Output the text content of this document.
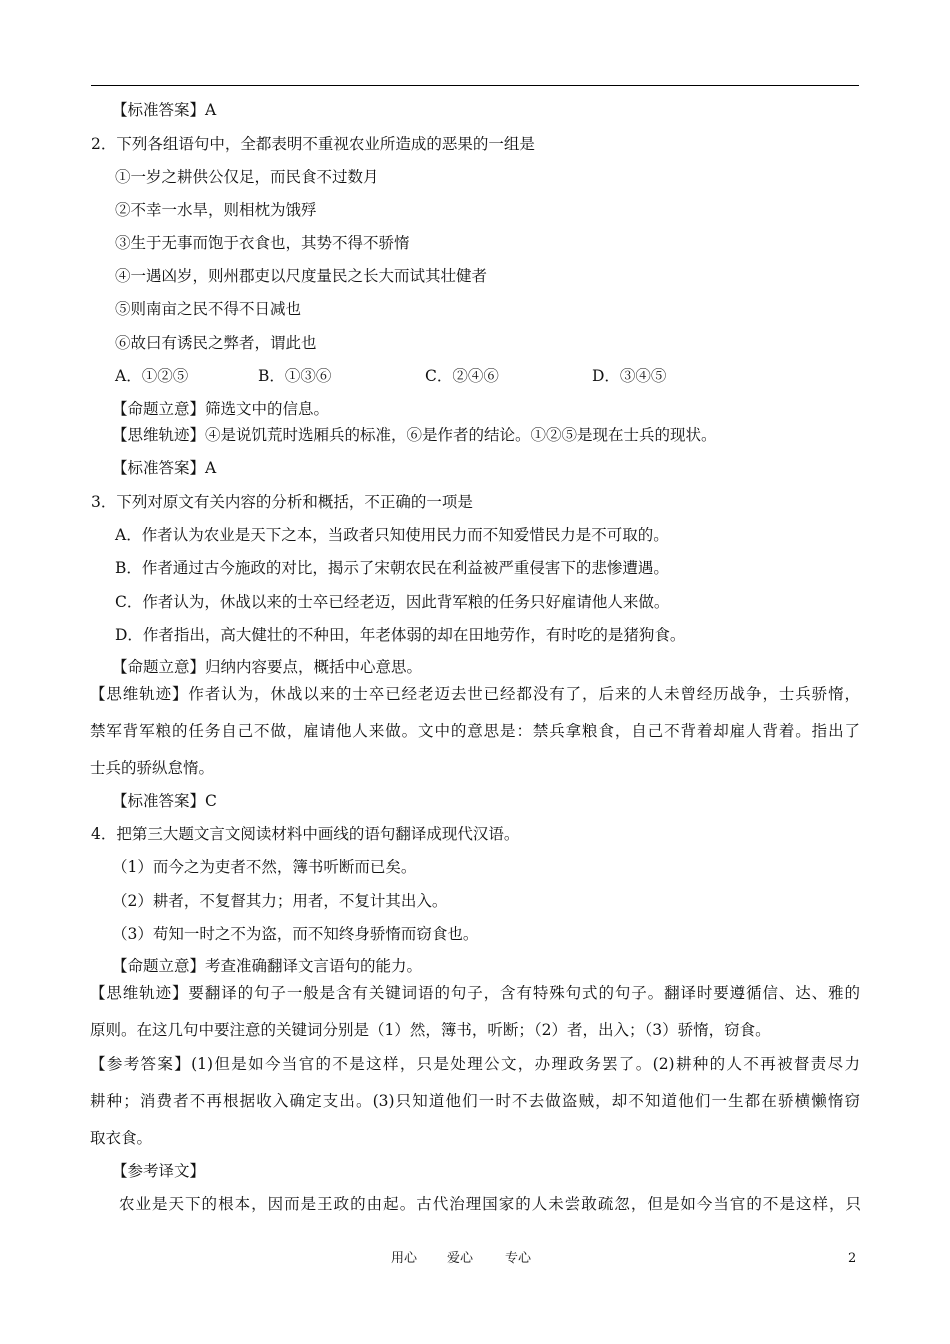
【标准答案】A
2．下列各组语句中，全都表明不重视农业所造成的恶果的一组是
①一岁之耕供公仅足，而民食不过数月
②不幸一水旱，则相枕为饿殍
③生于无事而饱于衣食也，其势不得不骄惰
④一遇凶岁，则州郡吏以尺度量民之长大而试其壮健者
⑤则南亩之民不得不日减也
⑥故曰有诱民之弊者，谓此也
A．①②⑤	B．①③⑥	C．②④⑥	D．③④⑤
【命题立意】筛选文中的信息。
【思维轨迹】④是说饥荒时选厢兵的标准，⑥是作者的结论。①②⑤是现在士兵的现状。
【标准答案】A
3．下列对原文有关内容的分析和概括，不正确的一项是
A．作者认为农业是天下之本，当政者只知使用民力而不知爱惜民力是不可取的。
B．作者通过古今施政的对比，揭示了宋朝农民在利益被严重侵害下的悲惨遭遇。
C．作者认为，休战以来的士卒已经老迈，因此背军粮的任务只好雇请他人来做。
D．作者指出，高大健壮的不种田，年老体弱的却在田地劳作，有时吃的是猪狗食。
【命题立意】归纳内容要点，概括中心意思。
【思维轨迹】作者认为，休战以来的士卒已经老迈去世已经都没有了，后来的人未曾经历战争，士兵骄惰，
禁军背军粮的任务自己不做，雇请他人来做。文中的意思是：禁兵拿粮食，自己不背着却雇人背着。指出了
士兵的骄纵怠惰。
【标准答案】C
4．把第三大题文言文阅读材料中画线的语句翻译成现代汉语。
（1）而今之为吏者不然，簿书听断而已矣。
（2）耕者，不复督其力；用者，不复计其出入。
（3）苟知一时之不为盗，而不知终身骄惰而窃食也。
【命题立意】考查准确翻译文言语句的能力。
【思维轨迹】要翻译的句子一般是含有关键词语的句子，含有特殊句式的句子。翻译时要遵循信、达、雅的
原则。在这几句中要注意的关键词分别是（1）然，簿书，听断；（2）者，出入；（3）骄惰，窃食。
【参考答案】(1)但是如今当官的不是这样，只是处理公文，办理政务罢了。(2)耕种的人不再被督责尽力
耕种；消费者不再根据收入确定支出。(3)只知道他们一时不去做盗贼，却不知道他们一生都在骄横懒惰窃
取衣食。
【参考译文】
农业是天下的根本，因而是王政的由起。古代治理国家的人未尝敢疏忽，但是如今当官的不是这样，只
用心 爱心 专心	2
